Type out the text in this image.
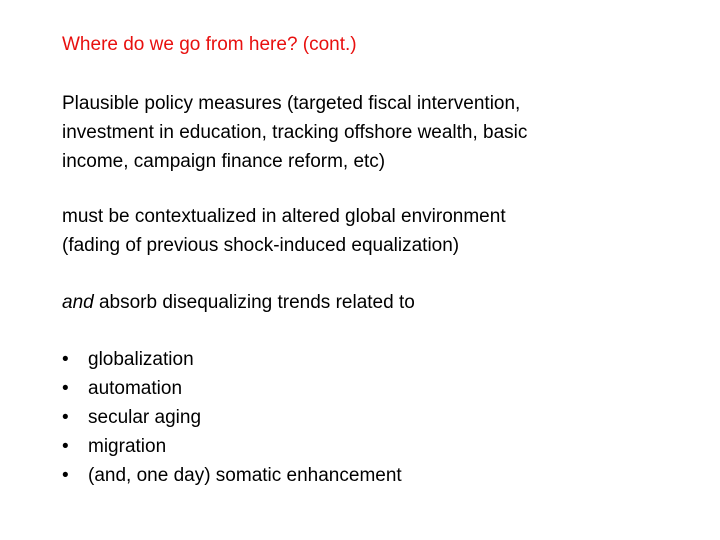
Where do we go from here? (cont.)
Plausible policy measures (targeted fiscal intervention,
investment in education, tracking offshore wealth, basic
income, campaign finance reform, etc)
must be contextualized in altered global environment
(fading of previous shock-induced equalization)
and absorb disequalizing trends related to
• globalization
• automation
• secular aging
• migration
• (and, one day) somatic enhancement
